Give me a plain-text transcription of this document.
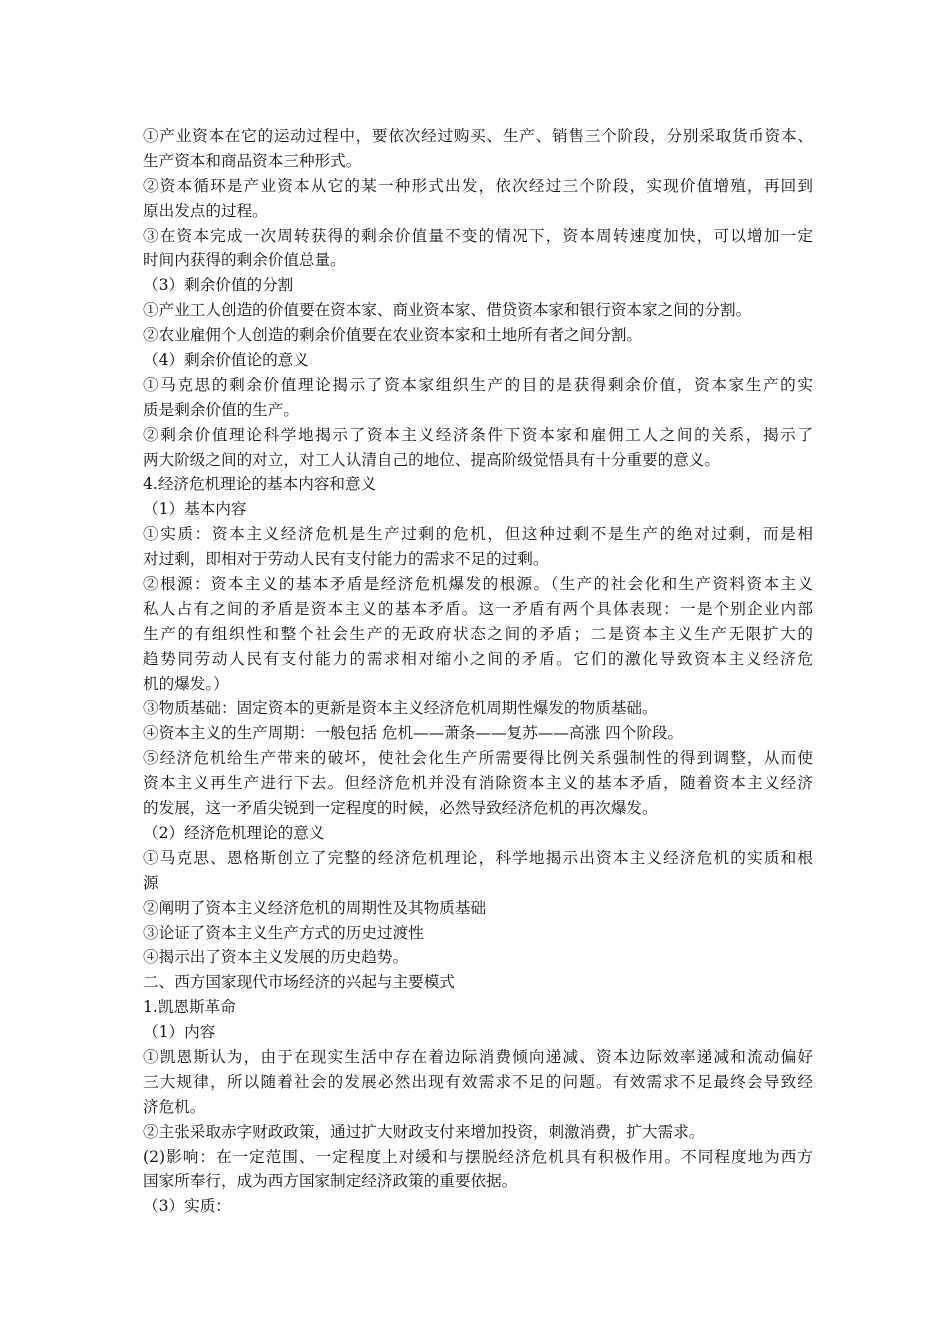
①产业资本在它的运动过程中，要依次经过购买、生产、销售三个阶段，分别采取货币资本、

生产资本和商品资本三种形式。

②资本循环是产业资本从它的某一种形式出发，依次经过三个阶段，实现价值增殖，再回到

原出发点的过程。

③在资本完成一次周转获得的剩余价值量不变的情况下，资本周转速度加快，可以增加一定

时间内获得的剩余价值总量。

（3）剩余价值的分割

①产业工人创造的价值要在资本家、商业资本家、借贷资本家和银行资本家之间的分割。

②农业雇佣个人创造的剩余价值要在农业资本家和土地所有者之间分割。

（4）剩余价值论的意义

①马克思的剩余价值理论揭示了资本家组织生产的目的是获得剩余价值，资本家生产的实

质是剩余价值的生产。

②剩余价值理论科学地揭示了资本主义经济条件下资本家和雇佣工人之间的关系，揭示了

两大阶级之间的对立，对工人认清自己的地位、提高阶级觉悟具有十分重要的意义。

4.经济危机理论的基本内容和意义

（1）基本内容

①实质：资本主义经济危机是生产过剩的危机，但这种过剩不是生产的绝对过剩，而是相

对过剩，即相对于劳动人民有支付能力的需求不足的过剩。

②根源：资本主义的基本矛盾是经济危机爆发的根源。（生产的社会化和生产资料资本主义

私人占有之间的矛盾是资本主义的基本矛盾。这一矛盾有两个具体表现：一是个别企业内部

生产的有组织性和整个社会生产的无政府状态之间的矛盾；二是资本主义生产无限扩大的

趋势同劳动人民有支付能力的需求相对缩小之间的矛盾。它们的激化导致资本主义经济危

机的爆发。）

③物质基础：固定资本的更新是资本主义经济危机周期性爆发的物质基础。

④资本主义的生产周期：一般包括 危机——萧条——复苏——高涨 四个阶段。

⑤经济危机给生产带来的破坏，使社会化生产所需要得比例关系强制性的得到调整，从而使

资本主义再生产进行下去。但经济危机并没有消除资本主义的基本矛盾，随着资本主义经济

的发展，这一矛盾尖锐到一定程度的时候，必然导致经济危机的再次爆发。

（2）经济危机理论的意义

①马克思、恩格斯创立了完整的经济危机理论，科学地揭示出资本主义经济危机的实质和根

源

②阐明了资本主义经济危机的周期性及其物质基础

③论证了资本主义生产方式的历史过渡性

④揭示出了资本主义发展的历史趋势。

二、西方国家现代市场经济的兴起与主要模式

1.凯恩斯革命

（1）内容

①凯恩斯认为，由于在现实生活中存在着边际消费倾向递减、资本边际效率递减和流动偏好

三大规律，所以随着社会的发展必然出现有效需求不足的问题。有效需求不足最终会导致经

济危机。

②主张采取赤字财政政策，通过扩大财政支付来增加投资，刺激消费，扩大需求。

(2)影响：在一定范围、一定程度上对缓和与摆脱经济危机具有积极作用。不同程度地为西方

国家所奉行，成为西方国家制定经济政策的重要依据。

（3）实质：
